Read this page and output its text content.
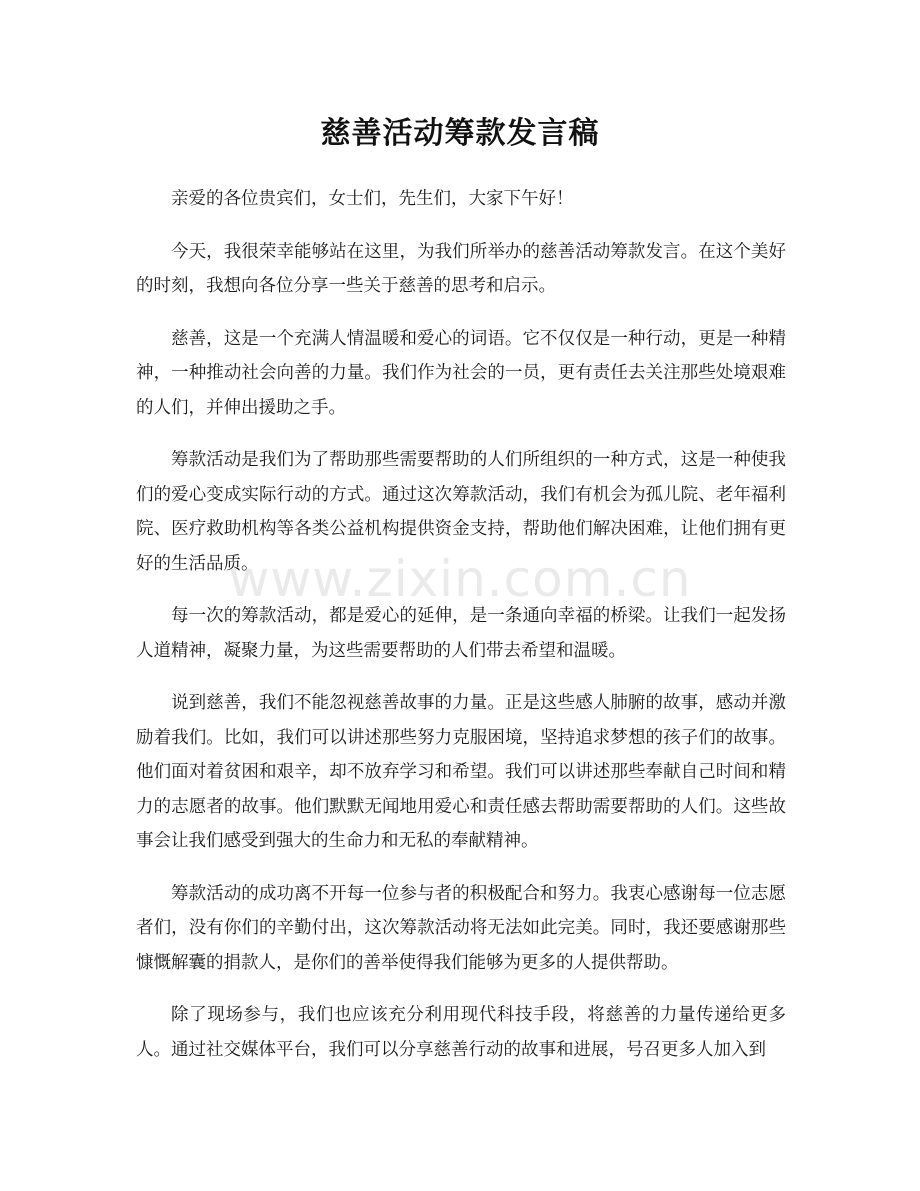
慈善活动筹款发言稿

亲爱的各位贵宾们，女士们，先生们，大家下午好！

今天，我很荣幸能够站在这里，为我们所举办的慈善活动筹款发言。在这个美好的时刻，我想向各位分享一些关于慈善的思考和启示。

慈善，这是一个充满人情温暖和爱心的词语。它不仅仅是一种行动，更是一种精神，一种推动社会向善的力量。我们作为社会的一员，更有责任去关注那些处境艰难的人们，并伸出援助之手。

筹款活动是我们为了帮助那些需要帮助的人们所组织的一种方式，这是一种使我们的爱心变成实际行动的方式。通过这次筹款活动，我们有机会为孤儿院、老年福利院、医疗救助机构等各类公益机构提供资金支持，帮助他们解决困难，让他们拥有更好的生活品质。

每一次的筹款活动，都是爱心的延伸，是一条通向幸福的桥梁。让我们一起发扬人道精神，凝聚力量，为这些需要帮助的人们带去希望和温暖。

说到慈善，我们不能忽视慈善故事的力量。正是这些感人肺腑的故事，感动并激励着我们。比如，我们可以讲述那些努力克服困境，坚持追求梦想的孩子们的故事。他们面对着贫困和艰辛，却不放弃学习和希望。我们可以讲述那些奉献自己时间和精力的志愿者的故事。他们默默无闻地用爱心和责任感去帮助需要帮助的人们。这些故事会让我们感受到强大的生命力和无私的奉献精神。

筹款活动的成功离不开每一位参与者的积极配合和努力。我衷心感谢每一位志愿者们，没有你们的辛勤付出，这次筹款活动将无法如此完美。同时，我还要感谢那些慷慨解囊的捐款人，是你们的善举使得我们能够为更多的人提供帮助。

除了现场参与，我们也应该充分利用现代科技手段，将慈善的力量传递给更多人。通过社交媒体平台，我们可以分享慈善行动的故事和进展，号召更多人加入到

www.zixin.com.cn
